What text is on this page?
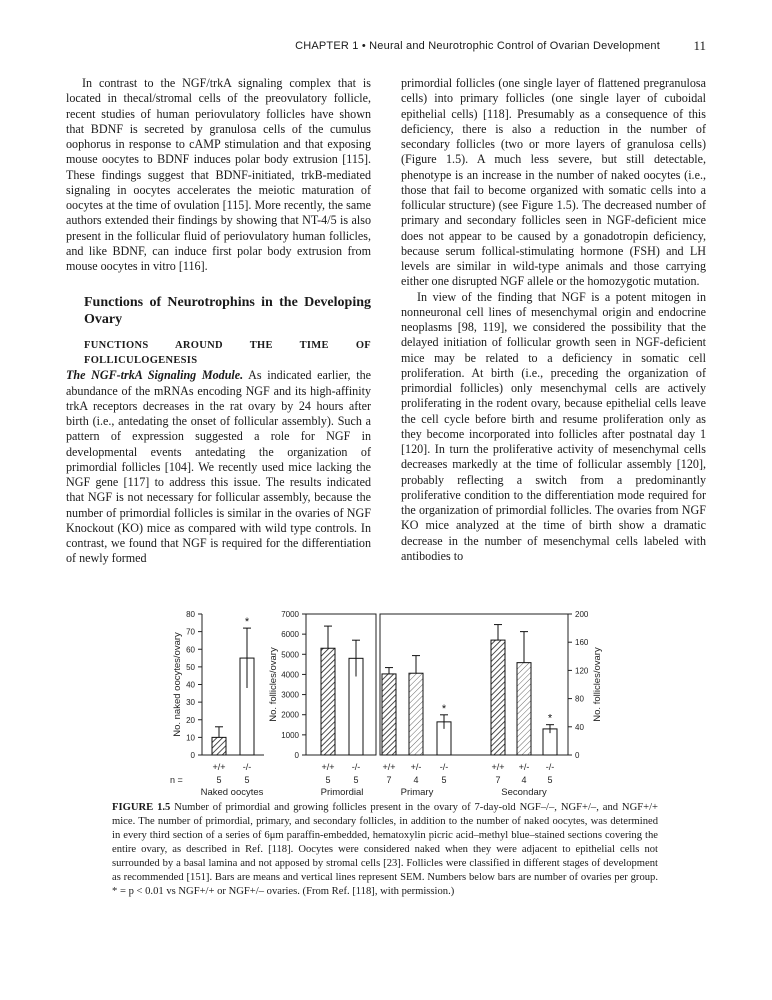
CHAPTER 1 • Neural and Neurotrophic Control of Ovarian Development	11

In contrast to the NGF/trkA signaling complex that is located in thecal/stromal cells of the preovulatory follicle, recent studies of human periovulatory follicles have shown that BDNF is secreted by granulosa cells of the cumulus oophorus in response to cAMP stimulation and that exposing mouse oocytes to BDNF induces polar body extrusion [115]. These findings suggest that BDNF-initiated, trkB-mediated signaling in oocytes accelerates the meiotic maturation of oocytes at the time of ovulation [115]. More recently, the same authors extended their findings by showing that NT-4/5 is also present in the follicular fluid of periovulatory human follicles, and like BDNF, can induce first polar body extrusion from mouse oocytes in vitro [116].

Functions of Neurotrophins in the Developing Ovary
FUNCTIONS AROUND THE TIME OF FOLLICULOGENESIS

The NGF-trkA Signaling Module. As indicated earlier, the abundance of the mRNAs encoding NGF and its high-affinity trkA receptors decreases in the rat ovary by 24 hours after birth (i.e., antedating the onset of follicular assembly). Such a pattern of expression suggested a role for NGF in developmental events antedating the organization of primordial follicles [104]. We recently used mice lacking the NGF gene [117] to address this issue. The results indicated that NGF is not necessary for follicular assembly, because the number of primordial follicles is similar in the ovaries of NGF Knockout (KO) mice as compared with wild type controls. In contrast, we found that NGF is required for the differentiation of newly formed

primordial follicles (one single layer of flattened pregranulosa cells) into primary follicles (one single layer of cuboidal epithelial cells) [118]. Presumably as a consequence of this deficiency, there is also a reduction in the number of secondary follicles (two or more layers of granulosa cells) (Figure 1.5). A much less severe, but still detectable, phenotype is an increase in the number of naked oocytes (i.e., those that fail to become organized with somatic cells into a follicular structure) (see Figure 1.5). The decreased number of primary and secondary follicles seen in NGF-deficient mice does not appear to be caused by a gonadotropin deficiency, because serum follical-stimulating hormone (FSH) and LH levels are similar in wild-type animals and those carrying either one disrupted NGF allele or the homozygotic mutation.

In view of the finding that NGF is a potent mitogen in nonneuronal cell lines of mesenchymal origin and endocrine neoplasms [98, 119], we considered the possibility that the delayed initiation of follicular growth seen in NGF-deficient mice may be related to a deficiency in somatic cell proliferation. At birth (i.e., preceding the organization of primordial follicles) only mesenchymal cells are actively proliferating in the rodent ovary, because epithelial cells leave the cell cycle before birth and resume proliferation only as they become incorporated into follicles after postnatal day 1 [120]. In turn the proliferative activity of mesenchymal cells decreases markedly at the time of follicular assembly [120], probably reflecting a switch from a predominantly proliferative condition to the differentiation mode required for the organization of primordial follicles. The ovaries from NGF KO mice analyzed at the time of birth show a dramatic decrease in the number of mesenchymal cells labeled with antibodies to

0
10
20
30
40
50
60
70
80
No. naked oocytes/ovary
n =
+/+
5
*
-/-
5
Naked oocytes
0
1000
2000
3000
4000
5000
6000
7000
No. follicles/ovary
+/+
5
-/-
5
Primordial
0
40
80
120
160
200
No. follicles/ovary
+/+
7
+/-
4
*
-/-
5
Primary
+/+
7
+/-
4
*
-/-
5
Secondary
FIGURE 1.5 Number of primordial and growing follicles present in the ovary of 7-day-old NGF–/–, NGF+/–, and NGF+/+ mice. The number of primordial, primary, and secondary follicles, in addition to the number of naked oocytes, was determined in every third section of a series of 6μm paraffin-embedded, hematoxylin picric acid–methyl blue–stained sections covering the entire ovary, as described in Ref. [118]. Oocytes were considered naked when they were adjacent to epithelial cells not surrounded by a basal lamina and not apposed by stromal cells [23]. Follicles were classified in different stages of development as recommended [151]. Bars are means and vertical lines represent SEM. Numbers below bars are number of ovaries per group. * = p < 0.01 vs NGF+/+ or NGF+/– ovaries. (From Ref. [118], with permission.)
